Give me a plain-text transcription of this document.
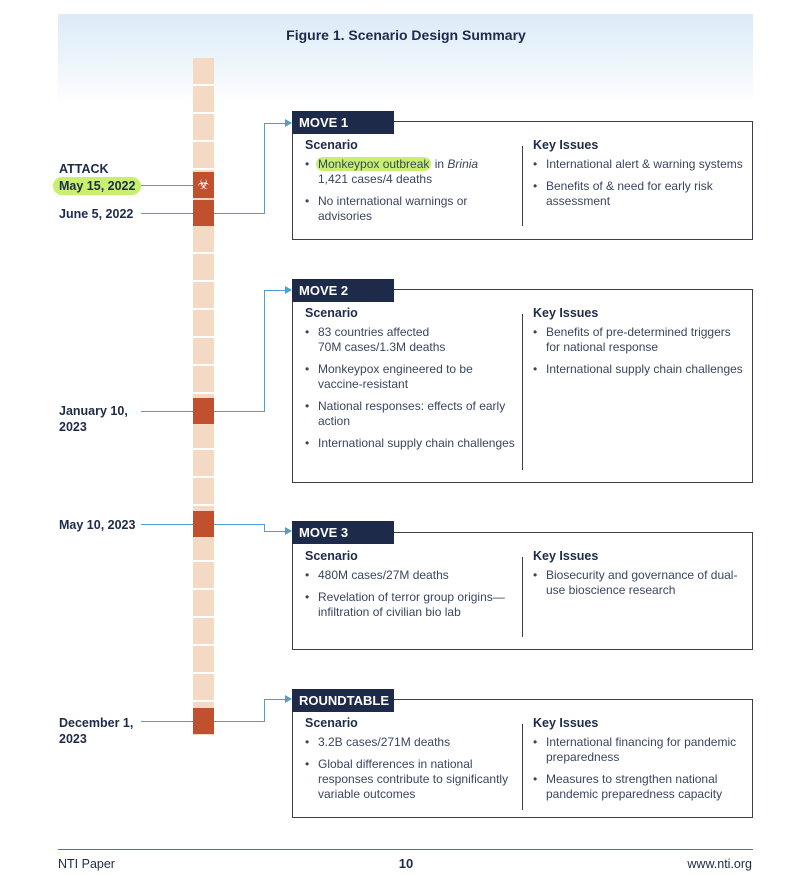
Figure 1. Scenario Design Summary
☣
ATTACK
May 15, 2022
June 5, 2022
January 10,
2023
May 10, 2023
December 1,
2023
Scenario
• Monkeypox outbreak in Brinia
1,421 cases/4 deaths
• No international warnings or advisories
Key Issues
• International alert & warning systems
• Benefits of & need for early risk assessment
MOVE 1
Scenario
• 83 countries affected
70M cases/1.3M deaths
• Monkeypox engineered to be vaccine-resistant
• National responses: effects of early action
• International supply chain challenges
Key Issues
• Benefits of pre-determined triggers for national response
• International supply chain challenges
MOVE 2
Scenario
• 480M cases/27M deaths
• Revelation of terror group origins—infiltration of civilian bio lab
Key Issues
• Biosecurity and governance of dual-use bioscience research
MOVE 3
Scenario
• 3.2B cases/271M deaths
• Global differences in national responses contribute to significantly variable outcomes
Key Issues
• International financing for pandemic preparedness
• Measures to strengthen national pandemic preparedness capacity
ROUNDTABLE
NTI Paper	10	www.nti.org
